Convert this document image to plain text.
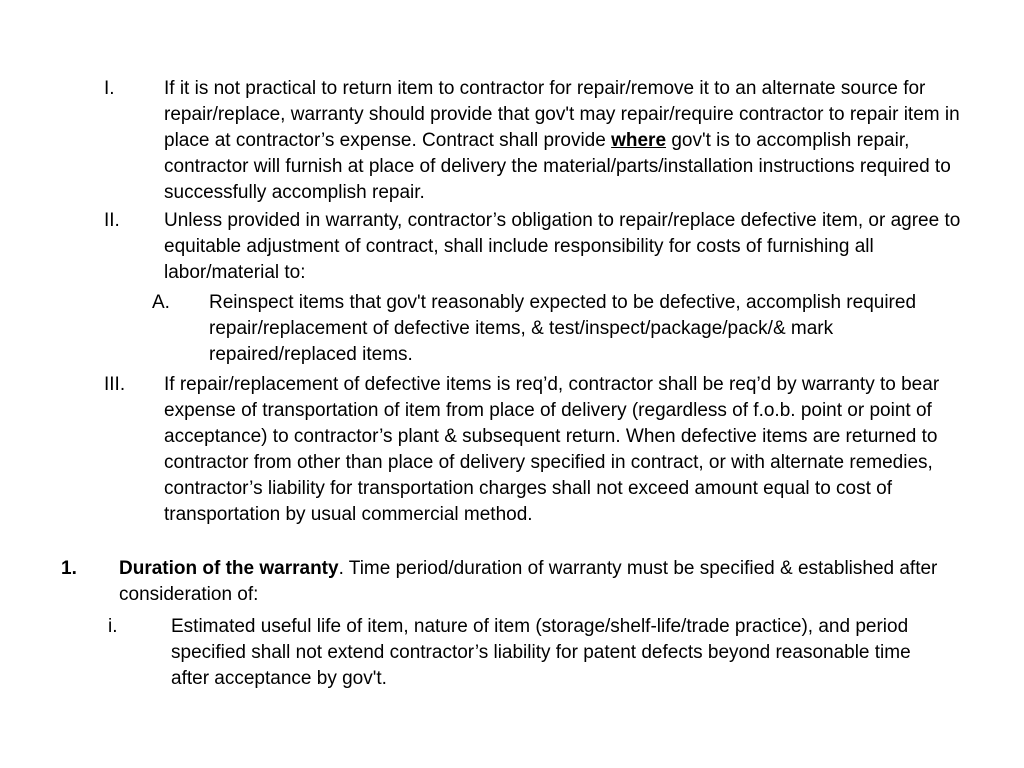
I.	If it is not practical to return item to contractor for repair/remove it to an alternate source for repair/replace, warranty should provide that gov't may repair/require contractor to repair item in place at contractor’s expense. Contract shall provide where gov't is to accomplish repair, contractor will furnish at place of delivery the material/parts/installation instructions required to successfully accomplish repair.
II. Unless provided in warranty, contractor’s obligation to repair/replace defective item, or agree to equitable adjustment of contract, shall include responsibility for costs of furnishing all labor/material to:
A. Reinspect items that gov't reasonably expected to be defective, accomplish required repair/replacement of defective items, & test/inspect/package/pack/& mark repaired/replaced items.
III. If repair/replacement of defective items is req’d, contractor shall be req’d by warranty to bear expense of transportation of item from place of delivery (regardless of f.o.b. point or point of acceptance) to contractor’s plant & subsequent return. When defective items are returned to contractor from other than place of delivery specified in contract, or with alternate remedies, contractor’s liability for transportation charges shall not exceed amount equal to cost of transportation by usual commercial method.
1. Duration of the warranty. Time period/duration of warranty must be specified & established after consideration of:
i.	Estimated useful life of item, nature of item (storage/shelf-life/trade practice), and period specified shall not extend contractor’s liability for patent defects beyond reasonable time after acceptance by gov't.
